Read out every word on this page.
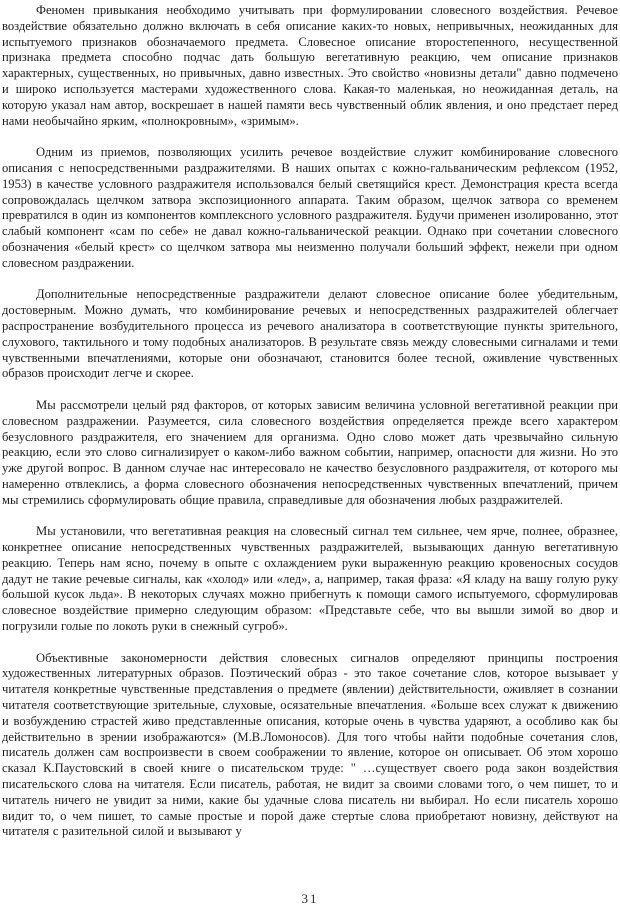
Феномен привыкания необходимо учитывать при формулировании словесного воздействия. Речевое воздействие обязательно должно включать в себя описание каких-то новых, непривычных, неожиданных для испытуемого признаков обозначаемого предмета. Словесное описание второстепенного, несущественной признака предмета способно подчас дать большую вегетативную реакцию, чем описание признаков характерных, существенных, но привычных, давно известных. Это свойство «новизны детали" давно подмечено и широко используется мастерами художественного слова. Какая-то маленькая, но неожиданная деталь, на которую указал нам автор, воскрешает в нашей памяти весь чувственный облик явления, и оно предстает перед нами необычайно ярким, «полнокровным», «зримым».

Одним из приемов, позволяющих усилить речевое воздействие служит комбинирование словесного описания с непосредственными раздражителями. В наших опытах с кожно-гальваническим рефлексом (1952, 1953) в качестве условного раздражителя использовался белый светящийся крест. Демонстрация креста всегда сопровождалась щелчком затвора экспозиционного аппарата. Таким образом, щелчок затвора со временем превратился в один из компонентов комплексного условного раздражителя. Будучи применен изолированно, этот слабый компонент «сам по себе» не давал кожно-гальванической реакции. Однако при сочетании словесного обозначения «белый крест» со щелчком затвора мы неизменно получали больший эффект, нежели при одном словесном раздражении.

Дополнительные непосредственные раздражители делают словесное описание более убедительным, достоверным. Можно думать, что комбинирование речевых и непосредственных раздражителей облегчает распространение возбудительного процесса из речевого анализатора в соответствующие пункты зрительного, слухового, тактильного и тому подобных анализаторов. В результате связь между словесными сигналами и теми чувственными впечатлениями, которые они обозначают, становится более тесной, оживление чувственных образов происходит легче и скорее.

Мы рассмотрели целый ряд факторов, от которых зависим величина условной вегетативной реакции при словесном раздражении. Разумеется, сила словесного воздействия определяется прежде всего характером безусловного раздражителя, его значением для организма. Одно слово может дать чрезвычайно сильную реакцию, если это слово сигнализирует о каком-либо важном событии, например, опасности для жизни. Но это уже другой вопрос. В данном случае нас интересовало не качество безусловного раздражителя, от которого мы намеренно отвлеклись, а форма словесного обозначения непосредственных чувственных впечатлений, причем мы стремились сформулировать общие правила, справедливые для обозначения любых раздражителей.

Мы установили, что вегетативная реакция на словесный сигнал тем сильнее, чем ярче, полнее, образнее, конкретнее описание непосредственных чувственных раздражителей, вызывающих данную вегетативную реакцию. Теперь нам ясно, почему в опыте с охлаждением руки выраженную реакцию кровеносных сосудов дадут не такие речевые сигналы, как «холод» или «лед», а, например, такая фраза: «Я кладу на вашу голую руку большой кусок льда». В некоторых случаях можно прибегнуть к помощи самого испытуемого, сформулировав словесное воздействие примерно следующим образом: «Представьте себе, что вы вышли зимой во двор и погрузили голые по локоть руки в снежный сугроб».

Объективные закономерности действия словесных сигналов определяют принципы построения художественных литературных образов. Поэтический образ - это такое сочетание слов, которое вызывает у читателя конкретные чувственные представления о предмете (явлении) действительности, оживляет в сознании читателя соответствующие зрительные, слуховые, осязательные впечатления. «Больше всех служат к движению и возбуждению страстей живо представленные описания, которые очень в чувства ударяют, а особливо как бы действительно в зрении изображаются» (М.В.Ломоносов). Для того чтобы найти подобные сочетания слов, писатель должен сам воспроизвести в своем соображении то явление, которое он описывает. Об этом хорошо сказал К.Паустовский в своей книге о писательском труде: " …существует своего рода закон воздействия писательского слова на читателя. Если писатель, работая, не видит за своими словами того, о чем пишет, то и читатель ничего не увидит за ними, какие бы удачные слова писатель ни выбирал. Но если писатель хорошо видит то, о чем пишет, то самые простые и порой даже стертые слова приобретают новизну, действуют на читателя с разительной силой и вызывают у

31
